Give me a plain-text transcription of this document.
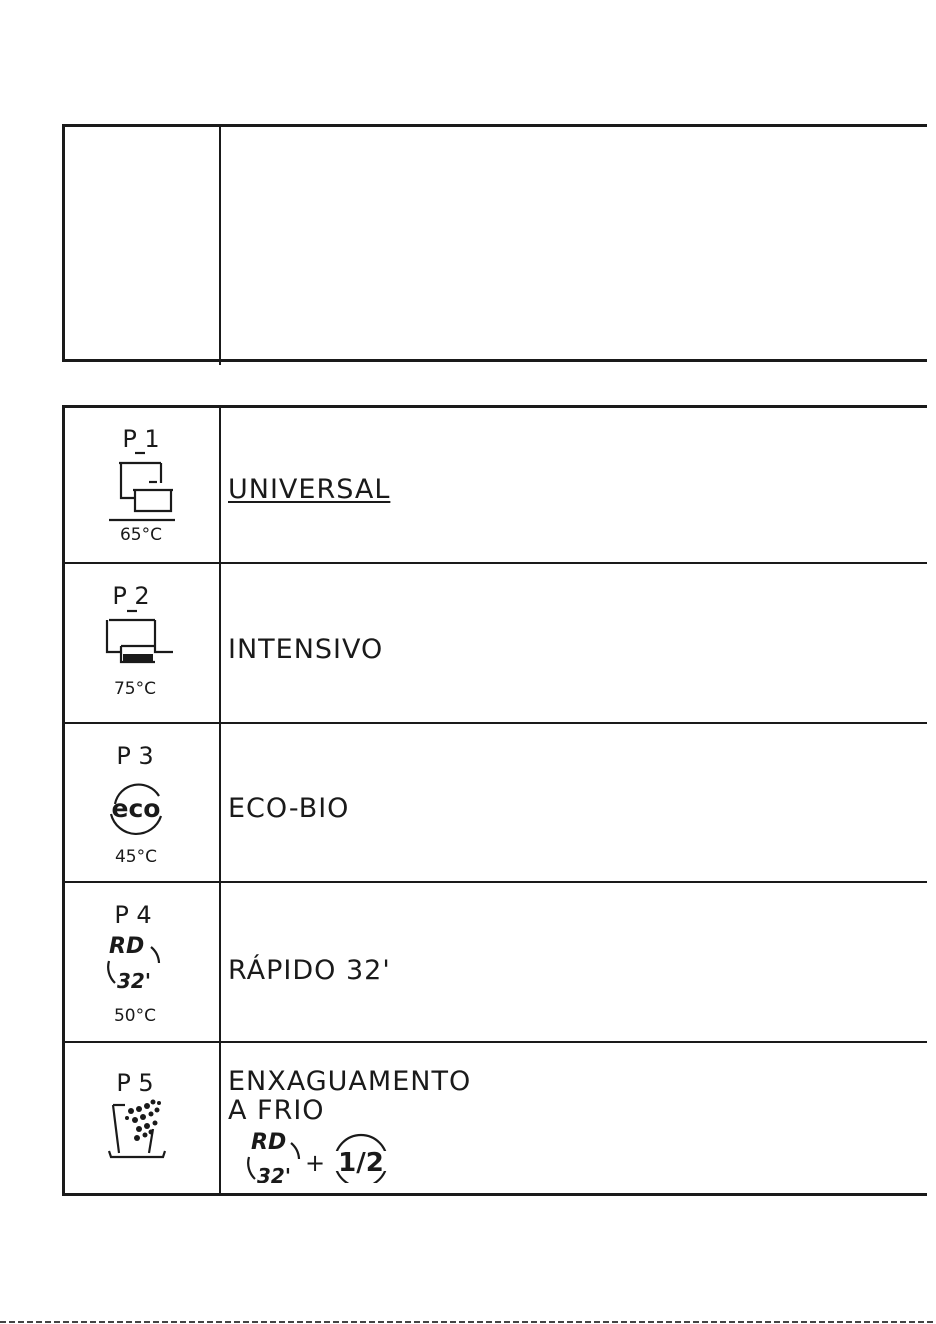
P 1
65°C
UNIVERSAL
P 2
75°C
INTENSIVO
P 3
eco
45°C
ECO-BIO
P 4
RD
32'
50°C
RÁPIDO 32'
P 5	ENXAGUAMENTO
A FRIO
RD
32' + 1/2
